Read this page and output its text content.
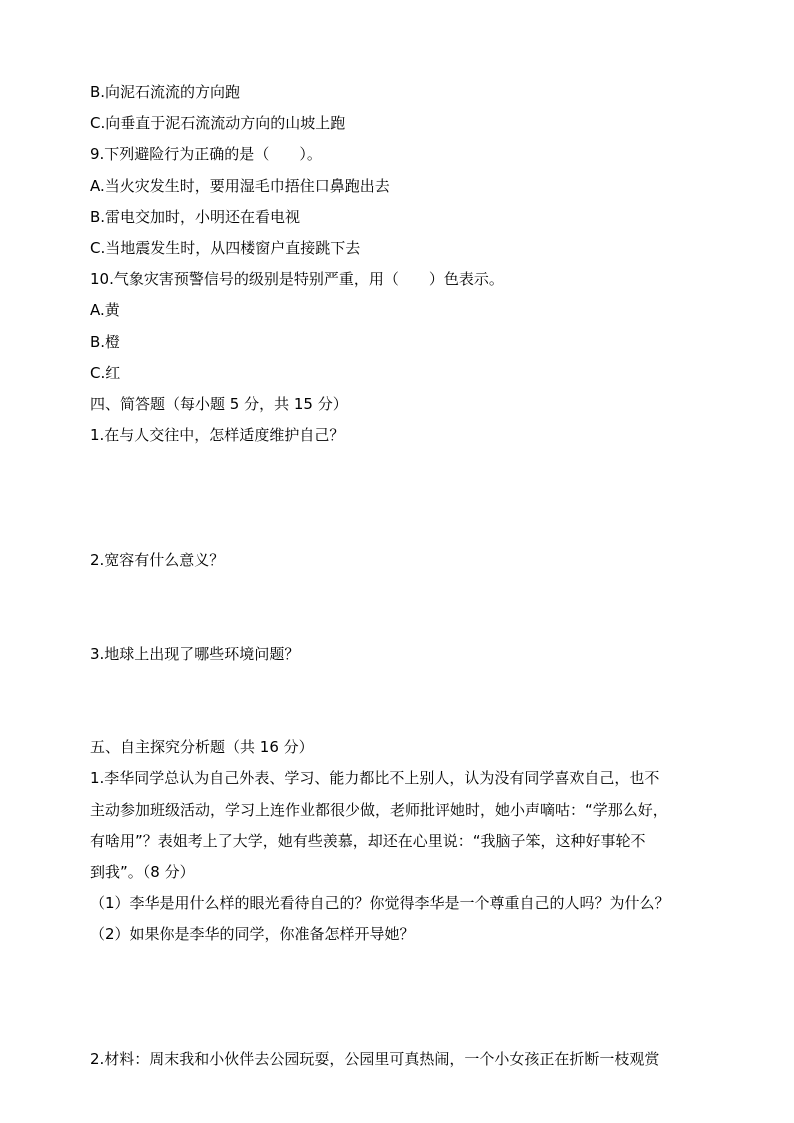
B.向泥石流流的方向跑
C.向垂直于泥石流流动方向的山坡上跑
9.下列避险行为正确的是（　　）。
A.当火灾发生时，要用湿毛巾捂住口鼻跑出去
B.雷电交加时，小明还在看电视
C.当地震发生时，从四楼窗户直接跳下去
10.气象灾害预警信号的级别是特别严重，用（　　）色表示。
A.黄
B.橙
C.红
四、简答题（每小题 5 分，共 15 分）
1.在与人交往中，怎样适度维护自己？
2.宽容有什么意义？
3.地球上出现了哪些环境问题？
五、自主探究分析题（共 16 分）
1.李华同学总认为自己外表、学习、能力都比不上别人，认为没有同学喜欢自己，也不
主动参加班级活动，学习上连作业都很少做，老师批评她时，她小声嘀咕：“学那么好，
有啥用”？表姐考上了大学，她有些羡慕，却还在心里说：“我脑子笨，这种好事轮不
到我”。（8 分）
（1）李华是用什么样的眼光看待自己的？你觉得李华是一个尊重自己的人吗？为什么？
（2）如果你是李华的同学，你准备怎样开导她？
2.材料：周末我和小伙伴去公园玩耍，公园里可真热闹，一个小女孩正在折断一枝观赏
